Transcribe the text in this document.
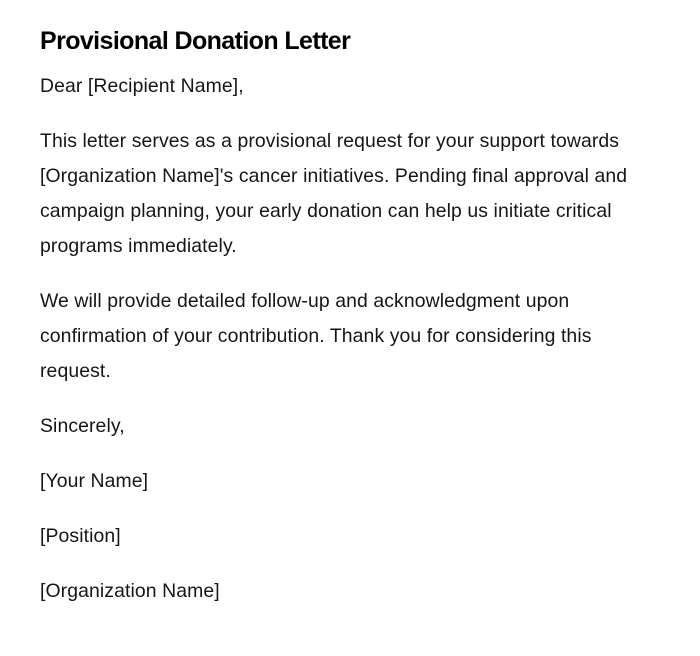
Provisional Donation Letter

Dear [Recipient Name],

This letter serves as a provisional request for your support towards [Organization Name]'s cancer initiatives. Pending final approval and campaign planning, your early donation can help us initiate critical programs immediately.

We will provide detailed follow-up and acknowledgment upon confirmation of your contribution. Thank you for considering this request.

Sincerely,

[Your Name]

[Position]

[Organization Name]
